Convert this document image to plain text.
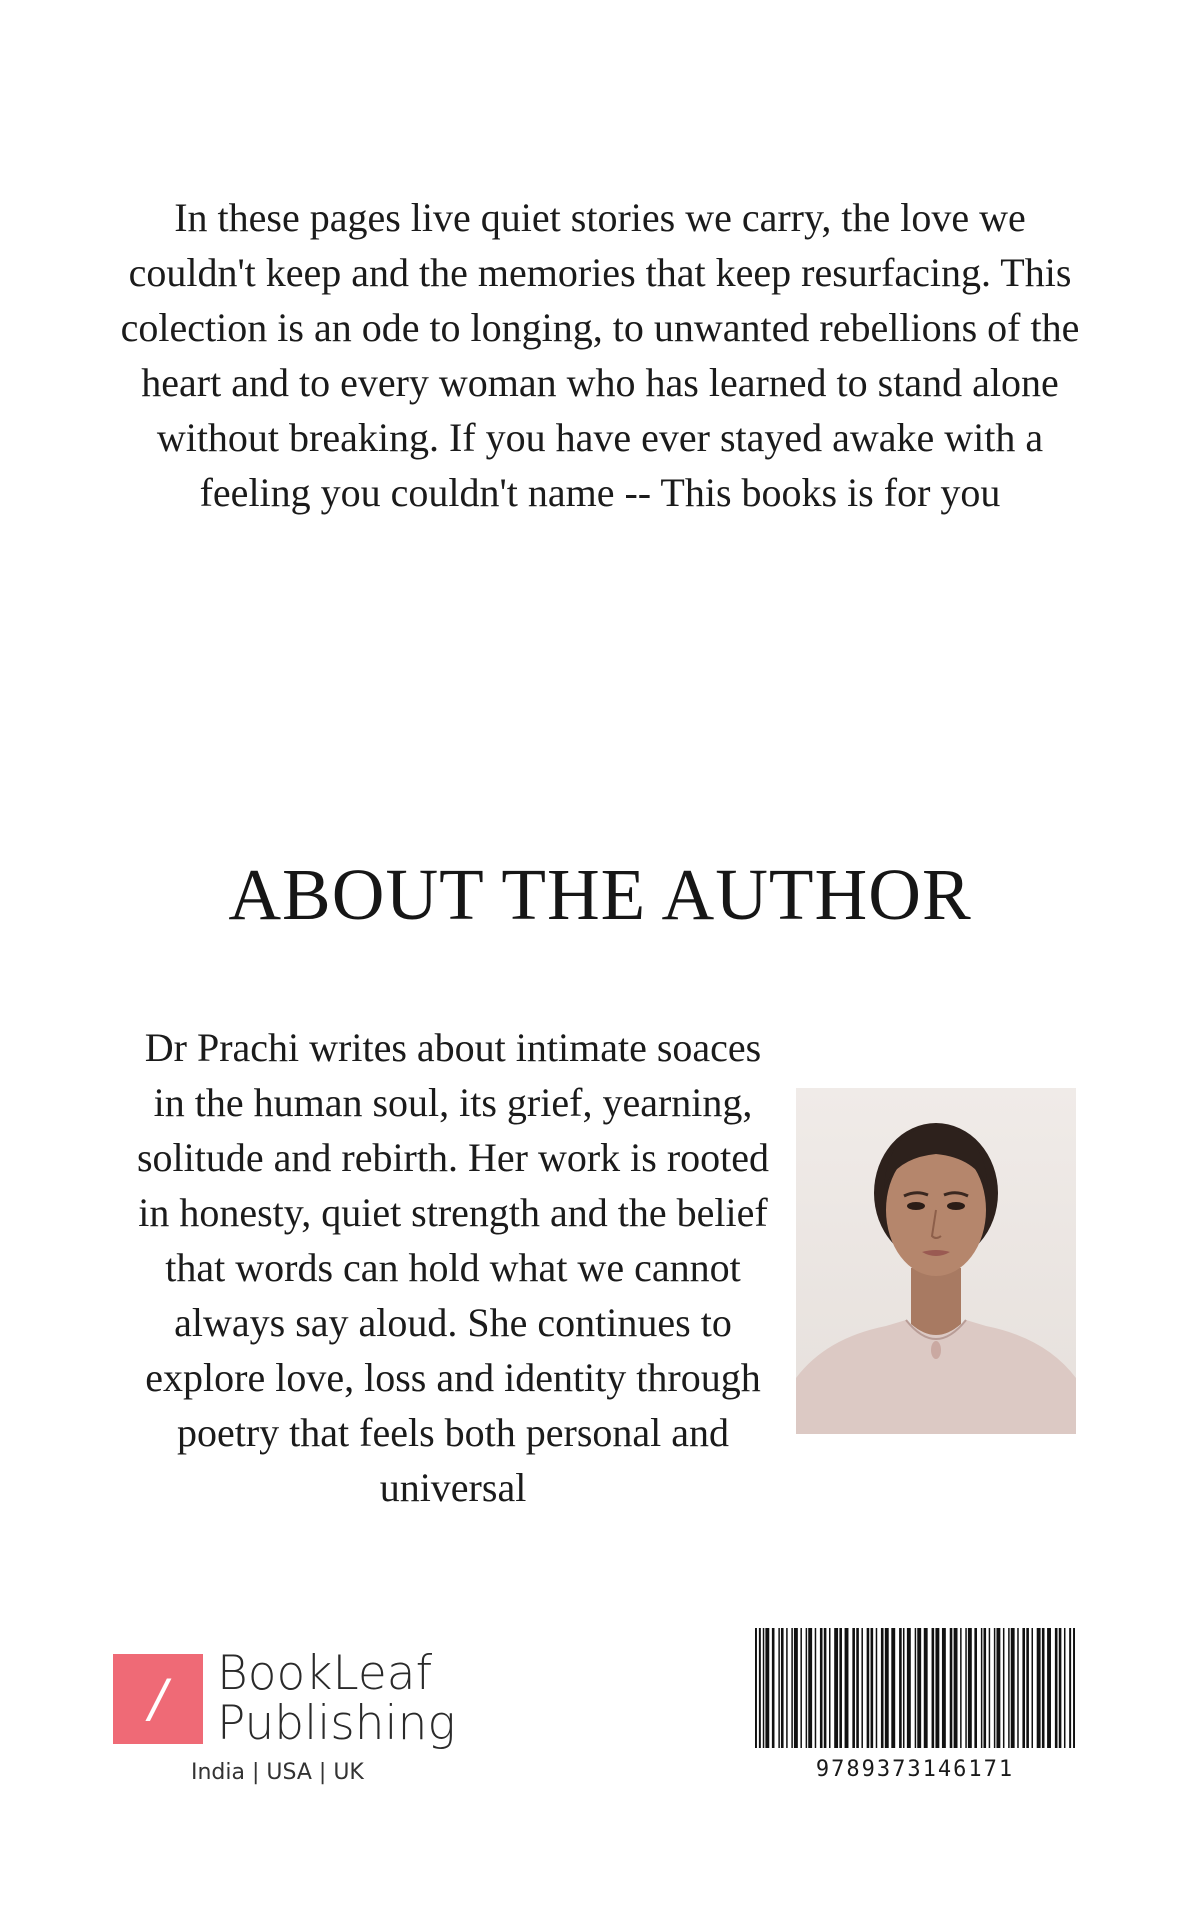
In these pages live quiet stories we carry, the love we couldn't keep and the memories that keep resurfacing. This colection is an ode to longing, to unwanted rebellions of the heart and to every woman who has learned to stand alone without breaking. If you have ever stayed awake with a feeling you couldn't name -- This books is for you

ABOUT THE AUTHOR

Dr Prachi writes about intimate soaces in the human soul, its grief, yearning, solitude and rebirth. Her work is rooted in honesty, quiet strength and the belief that words can hold what we cannot always say aloud. She continues to explore love, loss and identity through poetry that feels both personal and universal

/	BookLeaf
Publishing
India | USA | UK	9789373146171
